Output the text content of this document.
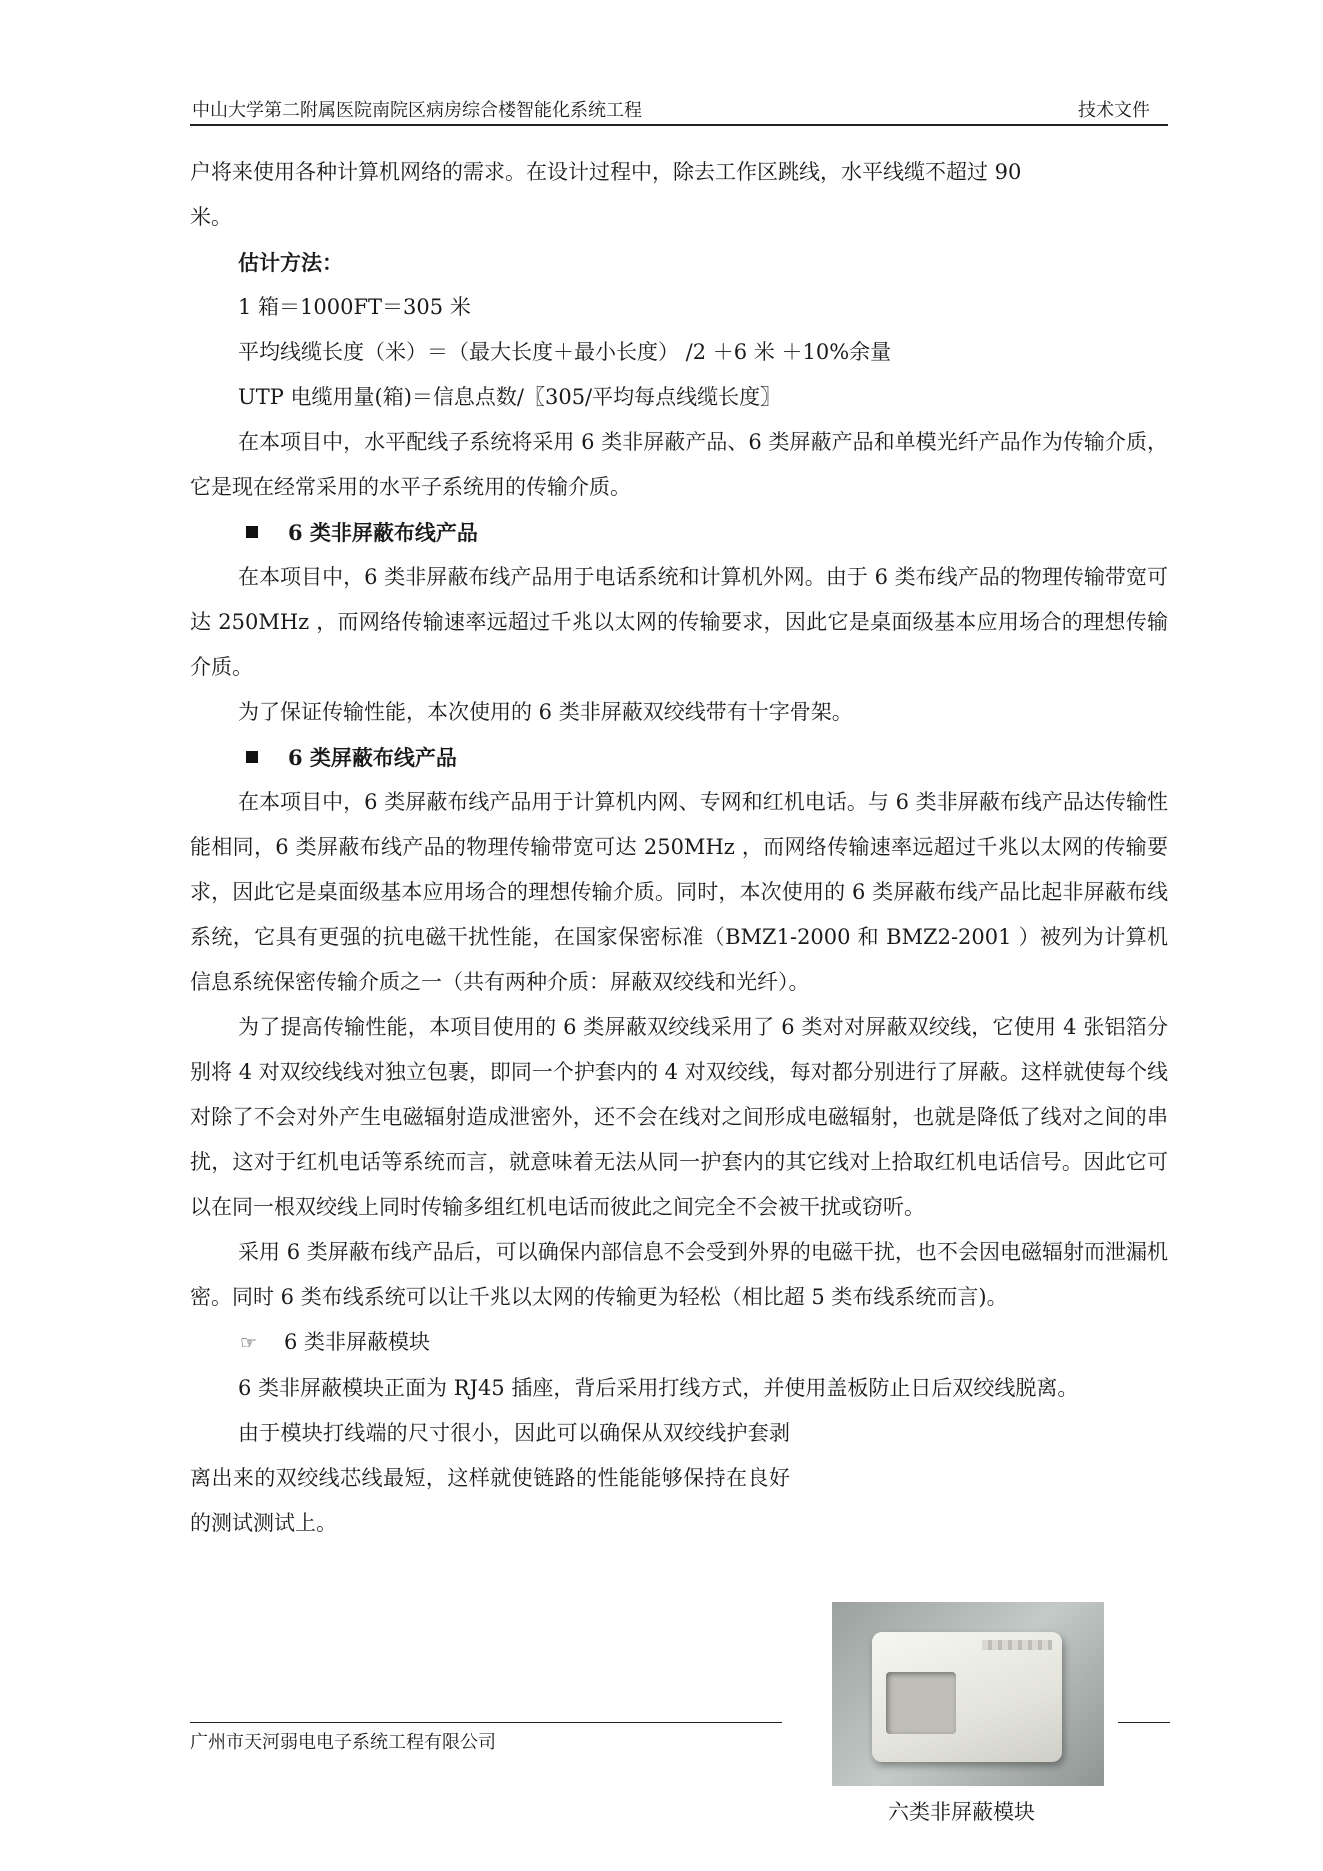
中山大学第二附属医院南院区病房综合楼智能化系统工程	技术文件

户将来使用各种计算机网络的需求。在设计过程中，除去工作区跳线，水平线缆不超过 90

米。

估计方法：

1 箱＝1000FT＝305 米

平均线缆长度（米）＝（最大长度＋最小长度） /2 ＋6 米 ＋10%余量

UTP 电缆用量(箱)＝信息点数/〖305/平均每点线缆长度〗

在本项目中，水平配线子系统将采用 6 类非屏蔽产品、6 类屏蔽产品和单模光纤产品作为传输介质，它是现在经常采用的水平子系统用的传输介质。

6 类非屏蔽布线产品

在本项目中，6 类非屏蔽布线产品用于电话系统和计算机外网。由于 6 类布线产品的物理传输带宽可达 250MHz ，而网络传输速率远超过千兆以太网的传输要求，因此它是桌面级基本应用场合的理想传输介质。

为了保证传输性能，本次使用的 6 类非屏蔽双绞线带有十字骨架。

6 类屏蔽布线产品

在本项目中，6 类屏蔽布线产品用于计算机内网、专网和红机电话。与 6 类非屏蔽布线产品达传输性能相同，6 类屏蔽布线产品的物理传输带宽可达 250MHz ，而网络传输速率远超过千兆以太网的传输要求，因此它是桌面级基本应用场合的理想传输介质。同时，本次使用的 6 类屏蔽布线产品比起非屏蔽布线系统，它具有更强的抗电磁干扰性能，在国家保密标准（BMZ1-2000 和 BMZ2-2001 ）被列为计算机信息系统保密传输介质之一（共有两种介质：屏蔽双绞线和光纤）。

为了提高传输性能，本项目使用的 6 类屏蔽双绞线采用了 6 类对对屏蔽双绞线，它使用 4 张铝箔分别将 4 对双绞线线对独立包裹，即同一个护套内的 4 对双绞线，每对都分别进行了屏蔽。这样就使每个线对除了不会对外产生电磁辐射造成泄密外，还不会在线对之间形成电磁辐射，也就是降低了线对之间的串扰，这对于红机电话等系统而言，就意味着无法从同一护套内的其它线对上拾取红机电话信号。因此它可以在同一根双绞线上同时传输多组红机电话而彼此之间完全不会被干扰或窃听。

采用 6 类屏蔽布线产品后，可以确保内部信息不会受到外界的电磁干扰，也不会因电磁辐射而泄漏机密。同时 6 类布线系统可以让千兆以太网的传输更为轻松（相比超 5 类布线系统而言)。

☞ 6 类非屏蔽模块

6 类非屏蔽模块正面为 RJ45 插座，背后采用打线方式，并使用盖板防止日后双绞线脱离。

由于模块打线端的尺寸很小，因此可以确保从双绞线护套剥离出来的双绞线芯线最短，这样就使链路的性能能够保持在良好的测试测试上。

六类非屏蔽模块
广州市天河弱电电子系统工程有限公司
